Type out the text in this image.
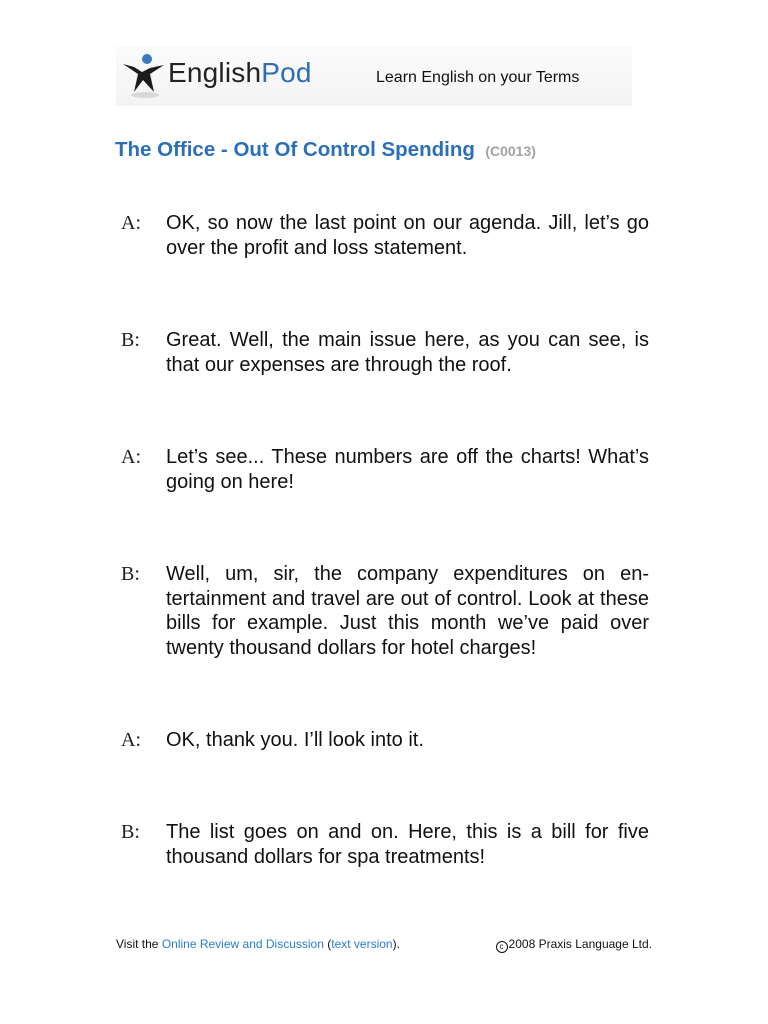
EnglishPod	Learn English on your Terms
The Office - Out Of Control Spending (C0013)
A: OK, so now the last point on our agenda. Jill, let’s go over the profit and loss statement.
B: Great. Well, the main issue here, as you can see, is that our expenses are through the roof.
A: Let’s see... These numbers are off the charts! What’s going on here!
B: Well, um, sir, the company expenditures on en-tertainment and travel are out of control. Look at these bills for example. Just this month we’ve paid over twenty thousand dollars for hotel charges!
A: OK, thank you. I’ll look into it.
B: The list goes on and on. Here, this is a bill for five thousand dollars for spa treatments!
Visit the Online Review and Discussion (text version).	c 2008 Praxis Language Ltd.
